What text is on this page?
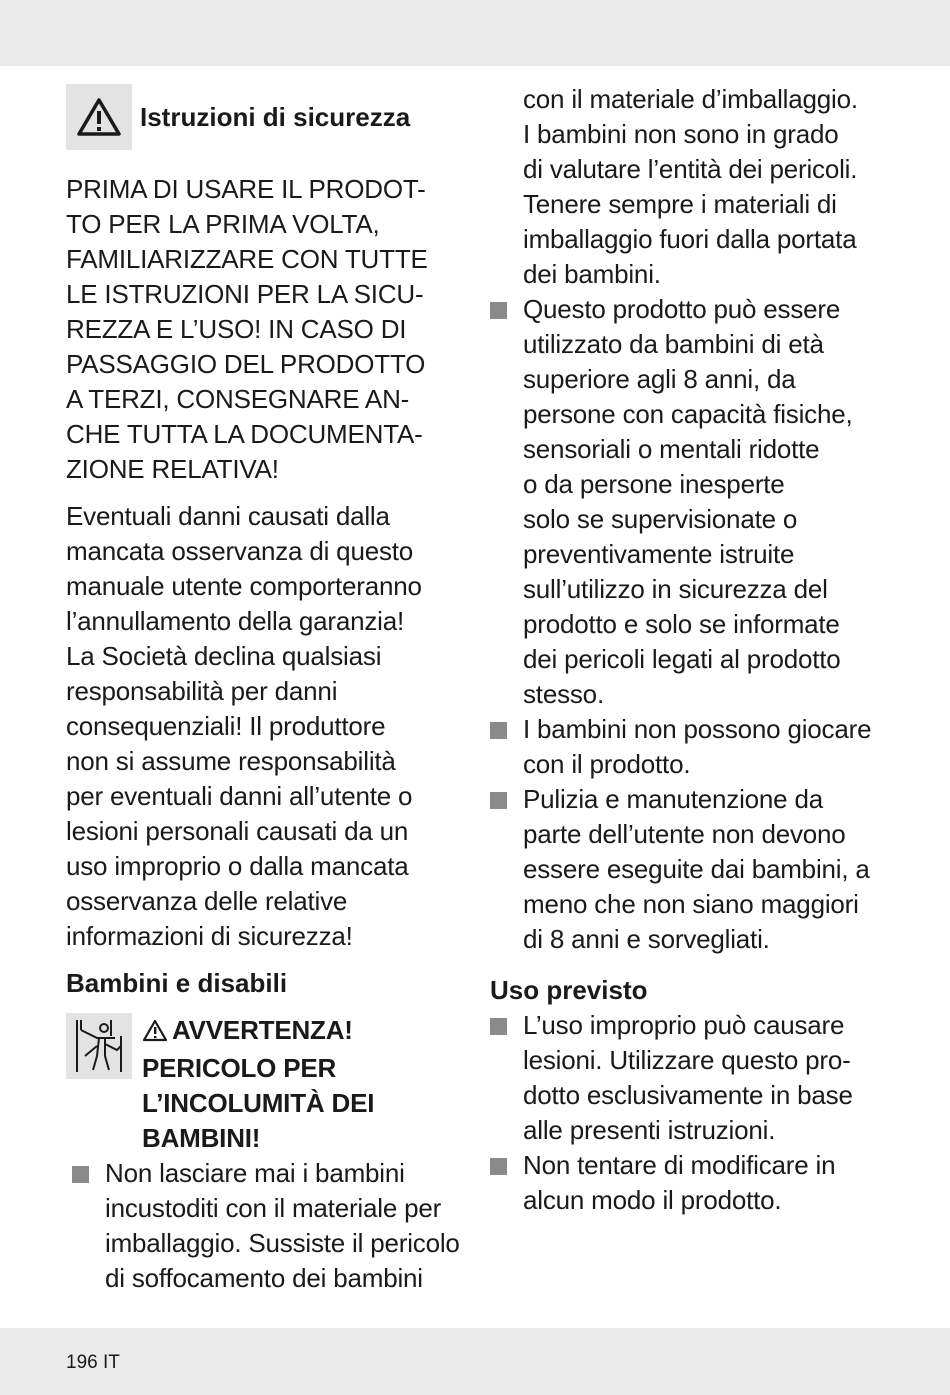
Istruzioni di sicurezza
PRIMA DI USARE IL PRODOT-
TO PER LA PRIMA VOLTA,
FAMILIARIZZARE CON TUTTE
LE ISTRUZIONI PER LA SICU-
REZZA E L’USO! IN CASO DI
PASSAGGIO DEL PRODOTTO
A TERZI, CONSEGNARE AN-
CHE TUTTA LA DOCUMENTA-
ZIONE RELATIVA!
Eventuali danni causati dalla
mancata osservanza di questo
manuale utente comporteranno
l’annullamento della garanzia!
La Società declina qualsiasi
responsabilità per danni
consequenziali! Il produttore
non si assume responsabilità
per eventuali danni all’utente o
lesioni personali causati da un
uso improprio o dalla mancata
osservanza delle relative
informazioni di sicurezza!
Bambini e disabili
AVVERTENZA!
PERICOLO PER
L’INCOLUMITÀ DEI
BAMBINI!
Non lasciare mai i bambini
incustoditi con il materiale per
imballaggio. Sussiste il pericolo
di soffocamento dei bambini
con il materiale d’imballaggio.
I bambini non sono in grado
di valutare l’entità dei pericoli.
Tenere sempre i materiali di
imballaggio fuori dalla portata
dei bambini.
Questo prodotto può essere
utilizzato da bambini di età
superiore agli 8 anni, da
persone con capacità fisiche,
sensoriali o mentali ridotte
o da persone inesperte
solo se supervisionate o
preventivamente istruite
sull’utilizzo in sicurezza del
prodotto e solo se informate
dei pericoli legati al prodotto
stesso.
I bambini non possono giocare
con il prodotto.
Pulizia e manutenzione da
parte dell’utente non devono
essere eseguite dai bambini, a
meno che non siano maggiori
di 8 anni e sorvegliati.
Uso previsto
L’uso improprio può causare
lesioni. Utilizzare questo pro-
dotto esclusivamente in base
alle presenti istruzioni.
Non tentare di modificare in
alcun modo il prodotto.
196 IT
